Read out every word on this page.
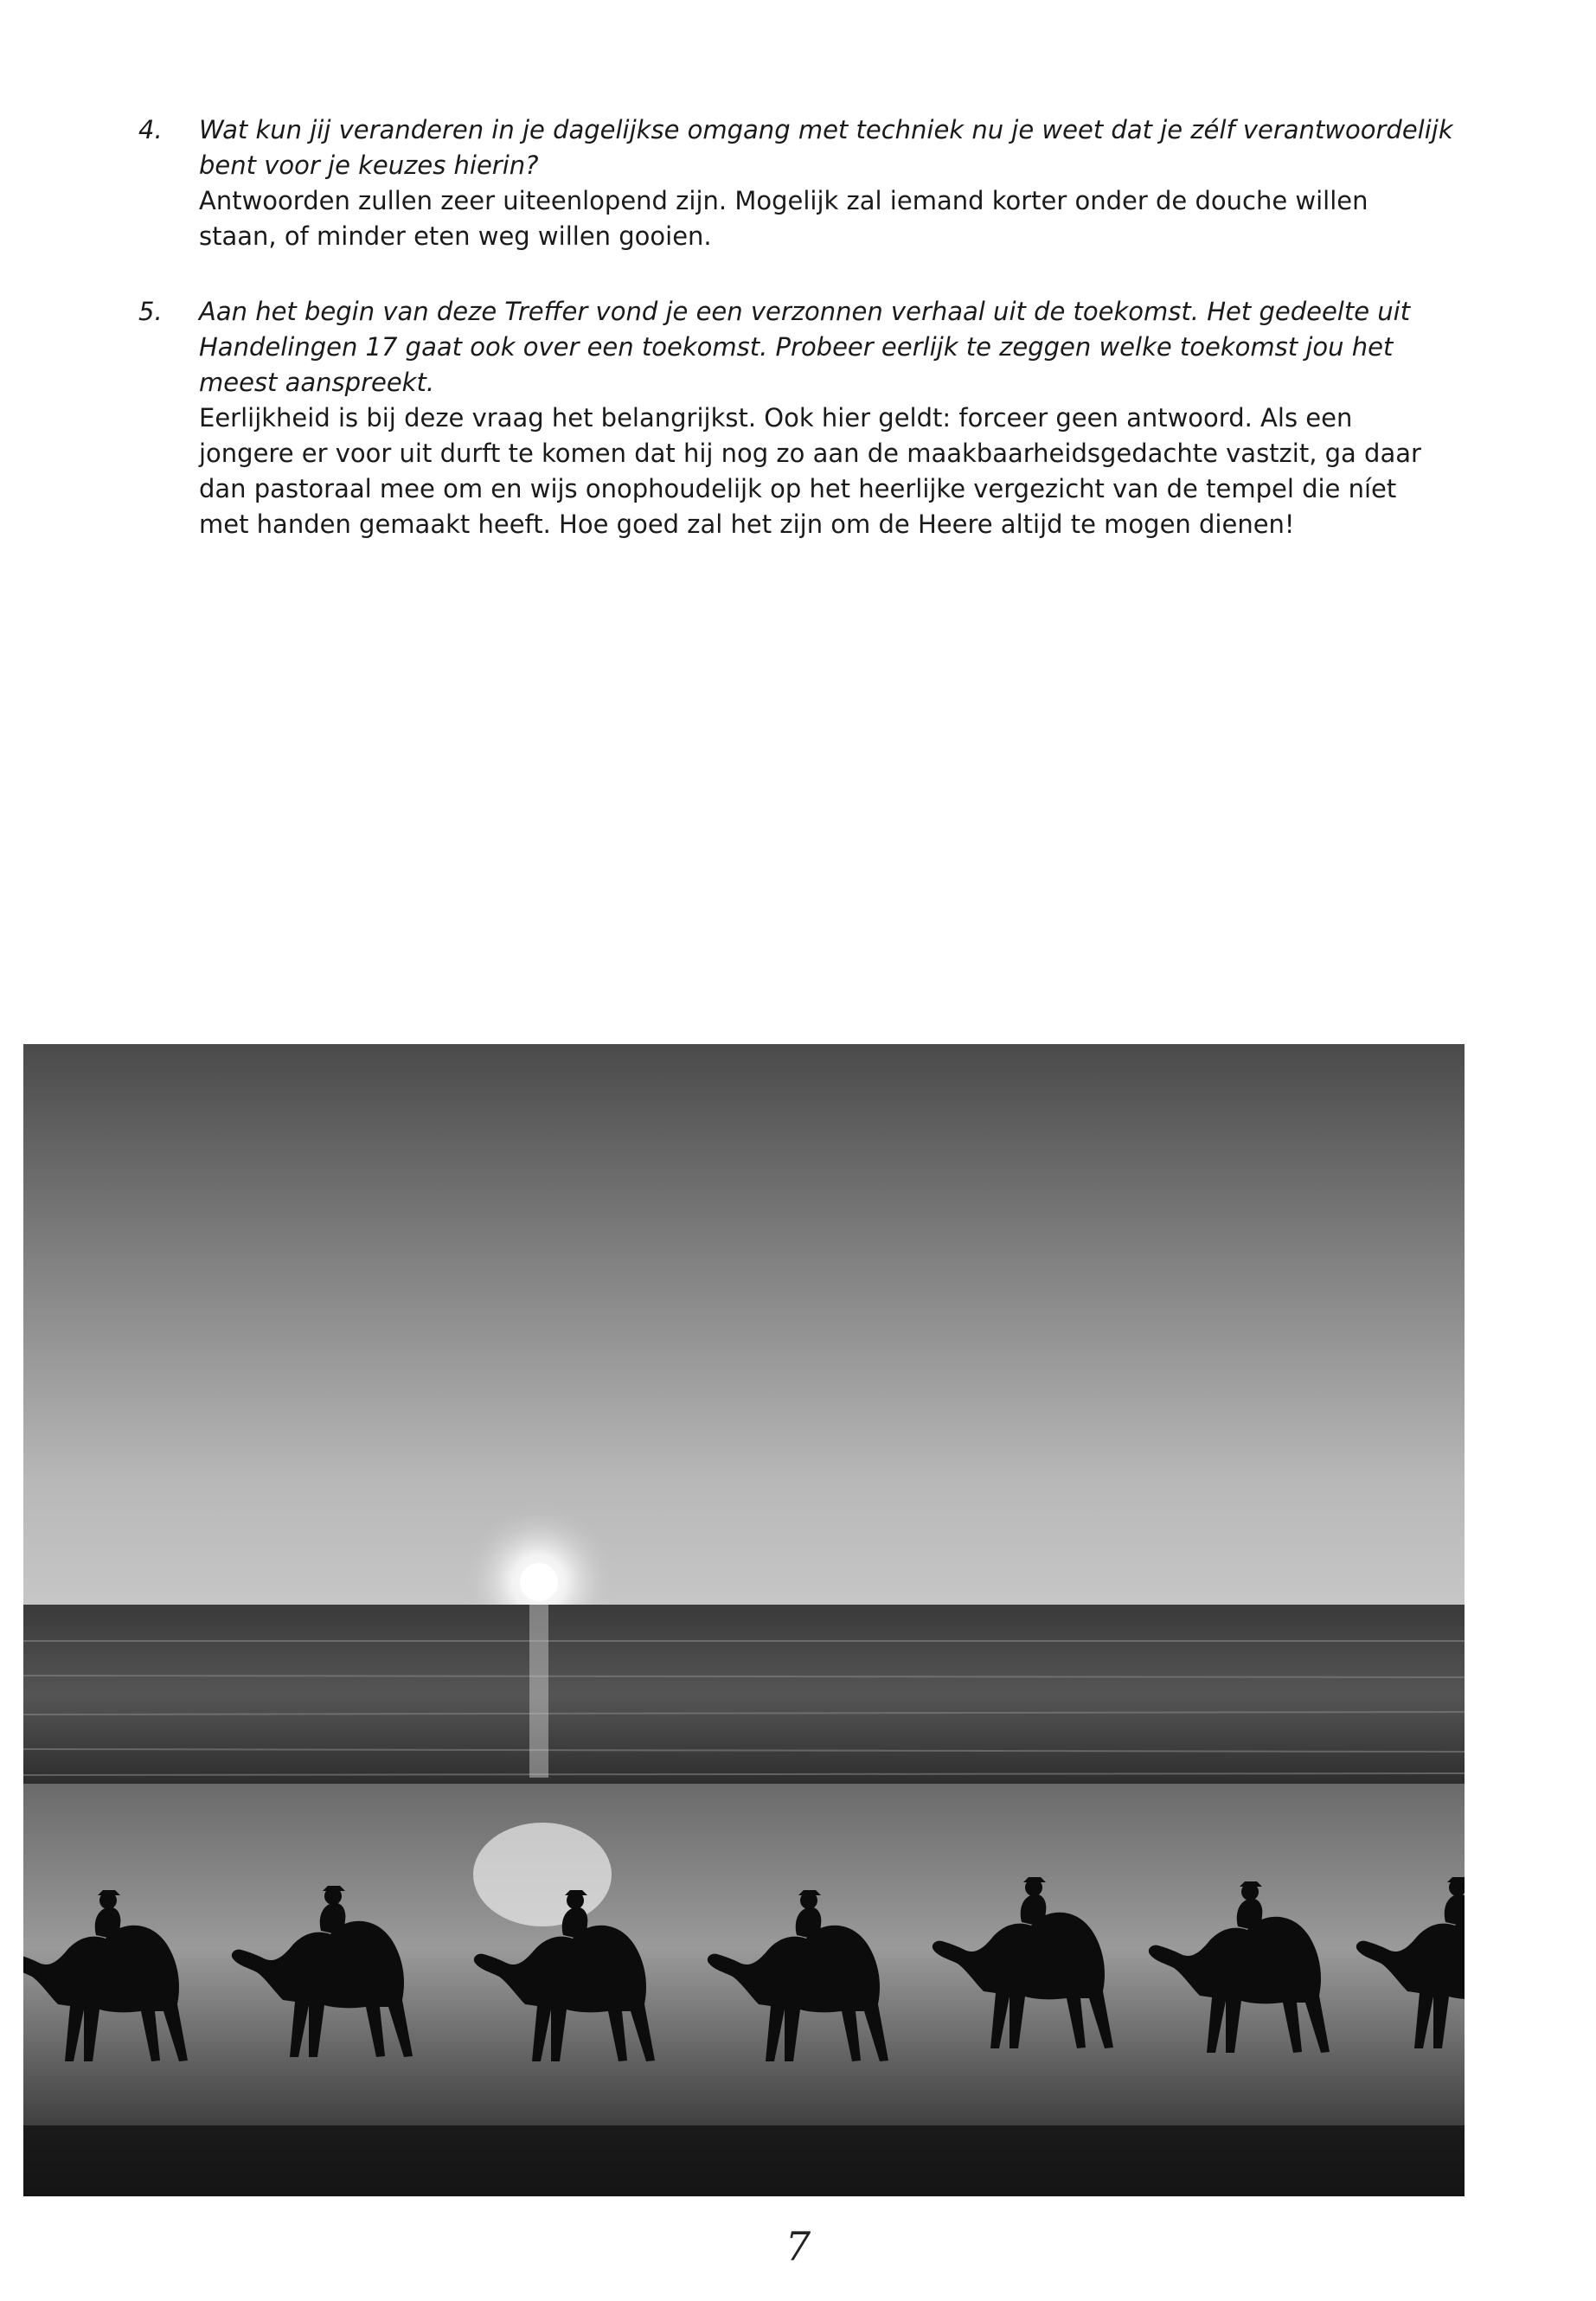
4. Wat kun jij veranderen in je dagelijkse omgang met techniek nu je weet dat je zélf verantwoordelijk bent voor je keuzes hierin?

Antwoorden zullen zeer uiteenlopend zijn. Mogelijk zal iemand korter onder de douche willen staan, of minder eten weg willen gooien.

5. Aan het begin van deze Treffer vond je een verzonnen verhaal uit de toekomst. Het gedeelte uit Handelingen 17 gaat ook over een toekomst. Probeer eerlijk te zeggen welke toekomst jou het meest aanspreekt.

Eerlijkheid is bij deze vraag het belangrijkst. Ook hier geldt: forceer geen antwoord. Als een jongere er voor uit durft te komen dat hij nog zo aan de maakbaarheidsgedachte vastzit, ga daar dan pastoraal mee om en wijs onophoudelijk op het heerlijke vergezicht van de tempel die níet met handen gemaakt heeft. Hoe goed zal het zijn om de Heere altijd te mogen dienen!

7
